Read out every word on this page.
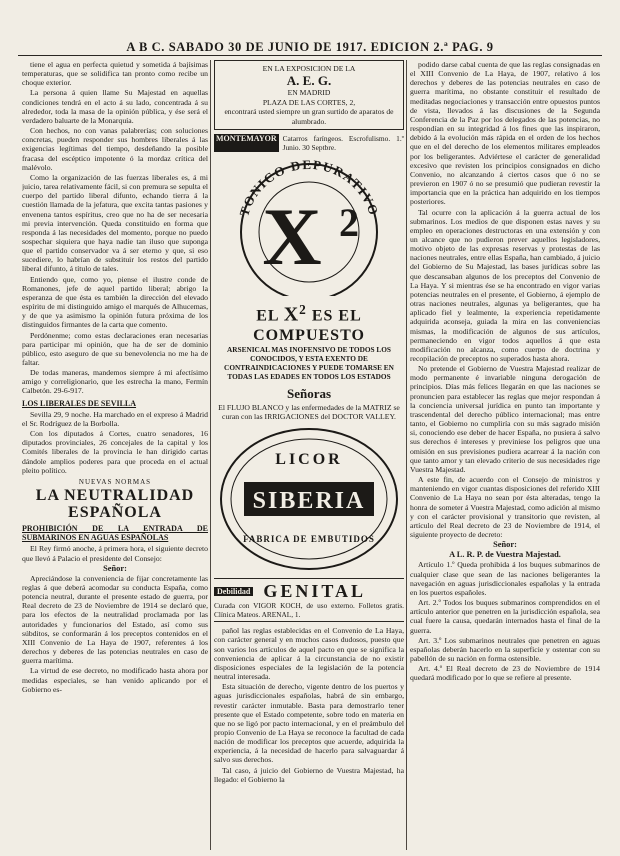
A B C. SABADO 30 DE JUNIO DE 1917. EDICION 2.ª PAG. 9

tiene el agua en perfecta quietud y sometida á bajísimas temperaturas, que se solidifica tan pronto como recibe un choque exterior.

La persona á quien llame Su Majestad en aquellas condiciones tendrá en el acto á su lado, concentrada á su alrededor, toda la masa de la opinión pública, y ése será el verdadero baluarte de la Monarquía.

Con hechos, no con vanas palabrerías; con soluciones concretas, pueden responder sus hombres liberales á las exigencias legítimas del tiempo, desdeñando la posible fracasa del escéptico impotente ó la mordaz crítica del malévolo.

Como la organización de las fuerzas liberales es, á mi juicio, tarea relativamente fácil, si con premura se sepulta el cuerpo del partido liberal difunto, echando tierra á la cuestión llamada de la jefatura, que excita tantas pasiones y envenena tantos espíritus, creo que no ha de ser necesaria mi previa intervención. Queda constituido en forma que responda á las necesidades del momento, porque no puedo sospechar siquiera que haya nadie tan iluso que suponga que el partido conservador va á ser eterno y que, si eso sucediere, lo habrían de substituir los restos del partido liberal difunto, á título de tales.

Entiendo que, como yo, piense el ilustre conde de Romanones, jefe de aquel partido liberal; abrigo la esperanza de que ésta es también la dirección del elevado espíritu de mi distinguido amigo el marqués de Alhucemas, y de que ya asimismo la opinión futura próxima de los distinguidos firmantes de la carta que comento.

Perdónenme; como estas declaraciones eran necesarias para participar mi opinión, que ha de ser de dominio público, esto aseguro de que su benevolencia no me ha de faltar.

De todas maneras, mandemos siempre á mi afectísimo amigo y correligionario, que les estrecha la mano, Fermín Calbetón. 29-6-917.

LOS LIBERALES DE SEVILLA

Sevilla 29, 9 noche. Ha marchado en el expreso á Madrid el Sr. Rodríguez de la Borbolla.

Con los diputados á Cortes, cuatro senadores, 16 diputados provinciales, 26 concejales de la capital y los Comités liberales de la provincia le han dirigido cartas dándole amplios poderes para que proceda en el actual pleito político.

NUEVAS NORMAS
LA NEUTRALIDAD
ESPAÑOLA
PROHIBICIÓN DE LA ENTRADA DE SUBMARINOS EN AGUAS ESPAÑOLAS

El Rey firmó anoche, á primera hora, el siguiente decreto que llevó á Palacio el presidente del Consejo:

Señor:

Apreciándose la conveniencia de fijar concretamente las reglas á que deberá acomodar su conducta España, como potencia neutral, durante el presente estado de guerra, por Real decreto de 23 de Noviembre de 1914 se declaró que, para los efectos de la neutralidad proclamada por las autoridades y funcionarios del Estado, así como sus súbditos, se conformarán á los preceptos contenidos en el XIII Convenio de La Haya de 1907, referentes á los derechos y deberes de las potencias neutrales en caso de guerra marítima.

La virtud de ese decreto, no modificado hasta ahora por medidas especiales, se han venido aplicando por el Gobierno es-

EN LA EXPOSICION DE LA
A. E. G.
EN MADRID
PLAZA DE LAS CORTES, 2,
encontrará usted siempre un gran surtido de aparatos de alumbrado.
MONTEMAYOR Catarros faríngeos. Escrofulismo. 1.º Junio. 30 Septbre.
TONICO DEPURATIVO
X 2
EL $X^2$ ES EL COMPUESTO
ARSENICAL MAS INOFENSIVO DE TODOS LOS CONOCIDOS, Y ESTA EXENTO DE CONTRAINDICACIONES Y PUEDE TOMARSE EN TODAS LAS EDADES EN TODOS LOS ESTADOS
Señoras

El FLUJO BLANCO y las enfermedades de la MATRIZ se curan con las IRRIGACIONES del DOCTOR VALLEY.

LICOR
SIBERIA
FABRICA DE EMBUTIDOS
Debilidad GENITAL
Curada con VIGOR KOCH, de uso externo. Folletos gratis. Clínica Mateos. ARENAL, 1.

pañol las reglas establecidas en el Convenio de La Haya, con carácter general y en muchos casos dudosos, puesto que son varios los artículos de aquel pacto en que se significa la conveniencia de aplicar á la circunstancia de no existir disposiciones especiales de la legislación de la potencia neutral interesada.

Esta situación de derecho, vigente dentro de los puertos y aguas jurisdiccionales españolas, habrá de sin embargo, revestir carácter inmutable. Basta para demostrarlo tener presente que el Estado competente, sobre todo en materia en que no se ligó por pacto internacional, y en el preámbulo del propio Convenio de La Haya se reconoce la facultad de cada nación de modificar los preceptos que acuerde, adquirida la experiencia, á la necesidad de hacerlo para salvaguardar á salvo sus derechos.

Tal caso, á juicio del Gobierno de Vuestra Majestad, ha llegado: el Gobierno la

podido darse cabal cuenta de que las reglas consignadas en el XIII Convenio de La Haya, de 1907, relativo á los derechos y deberes de las potencias neutrales en caso de guerra marítima, no obstante constituir el resultado de meditadas negociaciones y transacción entre opuestos puntos de vista, llevados á las discusiones de la Segunda Conferencia de la Paz por los delegados de las potencias, no respondían en su integridad á los fines que las inspiraron, debido á la evolución más rápida en el orden de los hechos que en el del derecho de los elementos militares empleados por los beligerantes. Adviértese el carácter de generalidad excesivo que revisten los principios consignados en dicho Convenio, no alcanzando á ciertos casos que ó no se previeron en 1907 ó no se presumió que pudieran revestir la importancia que en la práctica han adquirido en los tiempos posteriores.

Tal ocurre con la aplicación á la guerra actual de los submarinos. Los medios de que disponen estas naves y su empleo en operaciones destructoras en una extensión y con un alcance que no pudieron prever aquellos legisladores, motivo objeto de las expresas reservas y protestas de las naciones neutrales, entre ellas España, han cambiado, á juicio del Gobierno de Su Majestad, las bases jurídicas sobre las que descansaban algunos de los preceptos del Convenio de La Haya. Y si mientras ése se ha encontrado en vigor varias potencias neutrales en el presente, el Gobierno, á ejemplo de otras naciones neutrales, algunas ya beligerantes, que ha aplicado fiel y lealmente, la experiencia repetidamente adquirida aconseja, guiada la mira en las conveniencias mismas, la modificación de algunos de sus artículos, permaneciendo en vigor todos aquellos á que esta modificación no alcanza, como cuerpo de doctrina y recopilación de preceptos no superados hasta ahora.

No pretende el Gobierno de Vuestra Majestad realizar de modo permanente é invariable ninguna derogación de principios. Días más felices llegarán en que las naciones se pronuncien para establecer las reglas que mejor respondan á la conciencia universal jurídica en punto tan importante y trascendental del derecho público internacional; mas entre tanto, el Gobierno no cumpliría con su más sagrado misión si, conociendo ese deber de hacer España, no pusiera á salvo sus derechos é intereses y previniese los peligros que una omisión en sus previsiones pudiera acarrear á la nación con que tanto amor y tan elevado criterio de sus necesidades rige Vuestra Majestad.

A este fin, de acuerdo con el Consejo de ministros y manteniendo en vigor cuantas disposiciones del referido XIII Convenio de La Haya no sean por ésta alteradas, tengo la honra de someter á Vuestra Majestad, como adición al mismo y con el carácter provisional y transitorio que revisten, al artículo del Real decreto de 23 de Noviembre de 1914, el siguiente proyecto de decreto:

Señor:

A L. R. P. de Vuestra Majestad.

Artículo 1.º Queda prohibida á los buques submarinos de cualquier clase que sean de las naciones beligerantes la navegación en aguas jurisdiccionales españolas y la entrada en los puertos españoles.

Art. 2.º Todos los buques submarinos comprendidos en el artículo anterior que penetren en la jurisdicción española, sea cual fuere la causa, quedarán internados hasta el final de la guerra.

Art. 3.º Los submarinos neutrales que penetren en aguas españolas deberán hacerlo en la superficie y ostentar con su pabellón de su nación en forma ostensible.

Art. 4.º El Real decreto de 23 de Noviembre de 1914 quedará modificado por lo que se refiere al presente.
